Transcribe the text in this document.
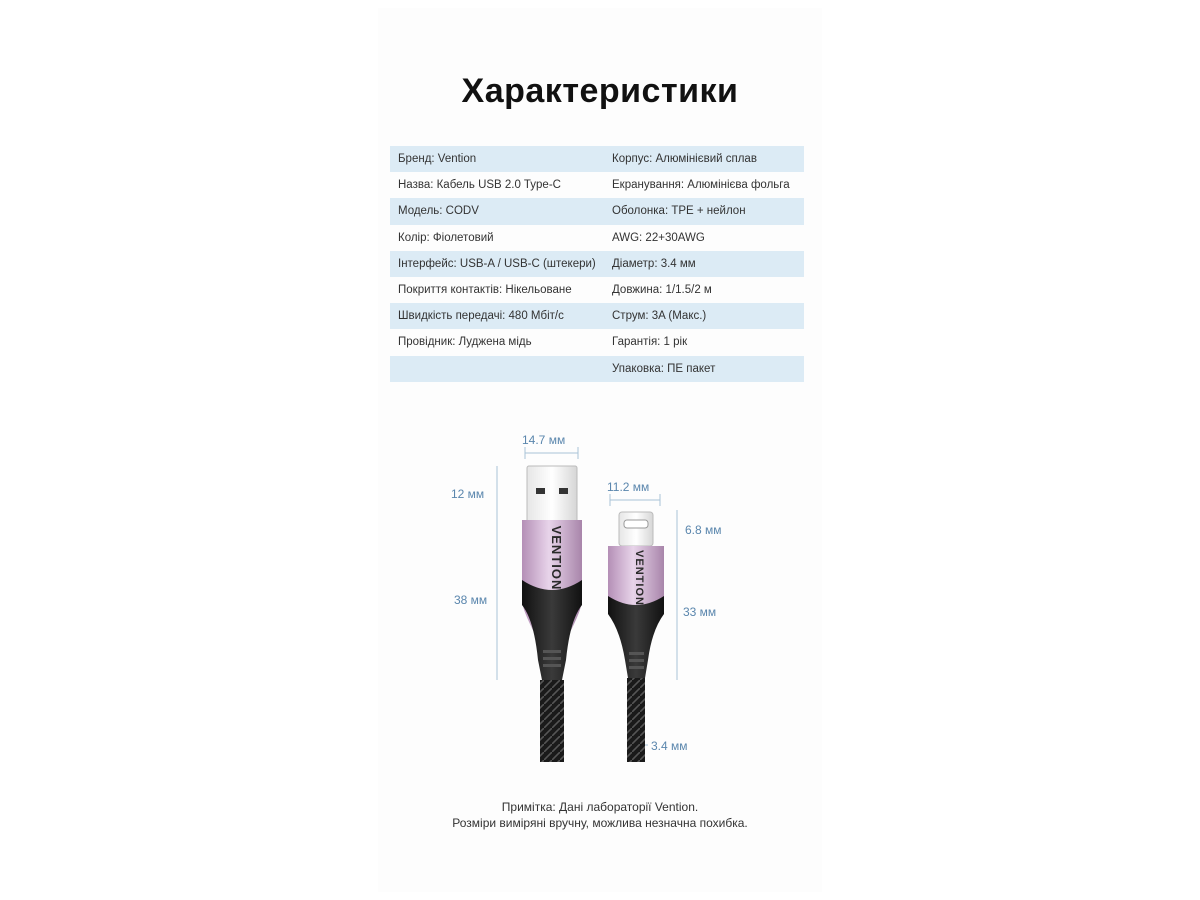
Характеристики
Бренд: Vention	Корпус: Алюмінієвий сплав
Назва: Кабель USB 2.0 Type-C	Екранування: Алюмінієва фольга
Модель: CODV	Оболонка: TPE + нейлон
Колір: Фіолетовий	AWG: 22+30AWG
Інтерфейс: USB-A / USB-C (штекери)	Діаметр: 3.4 мм
Покриття контактів: Нікельоване	Довжина: 1/1.5/2 м
Швидкість передачі: 480 Мбіт/с	Струм: 3A (Макс.)
Провідник: Луджена мідь	Гарантія: 1 рік
	Упаковка: ПЕ пакет
VENTION	VENTION
14.7 мм
12 мм
38 мм
11.2 мм
6.8 мм
33 мм
3.4 мм
Примітка: Дані лабораторії Vention.
Розміри виміряні вручну, можлива незначна похибка.
